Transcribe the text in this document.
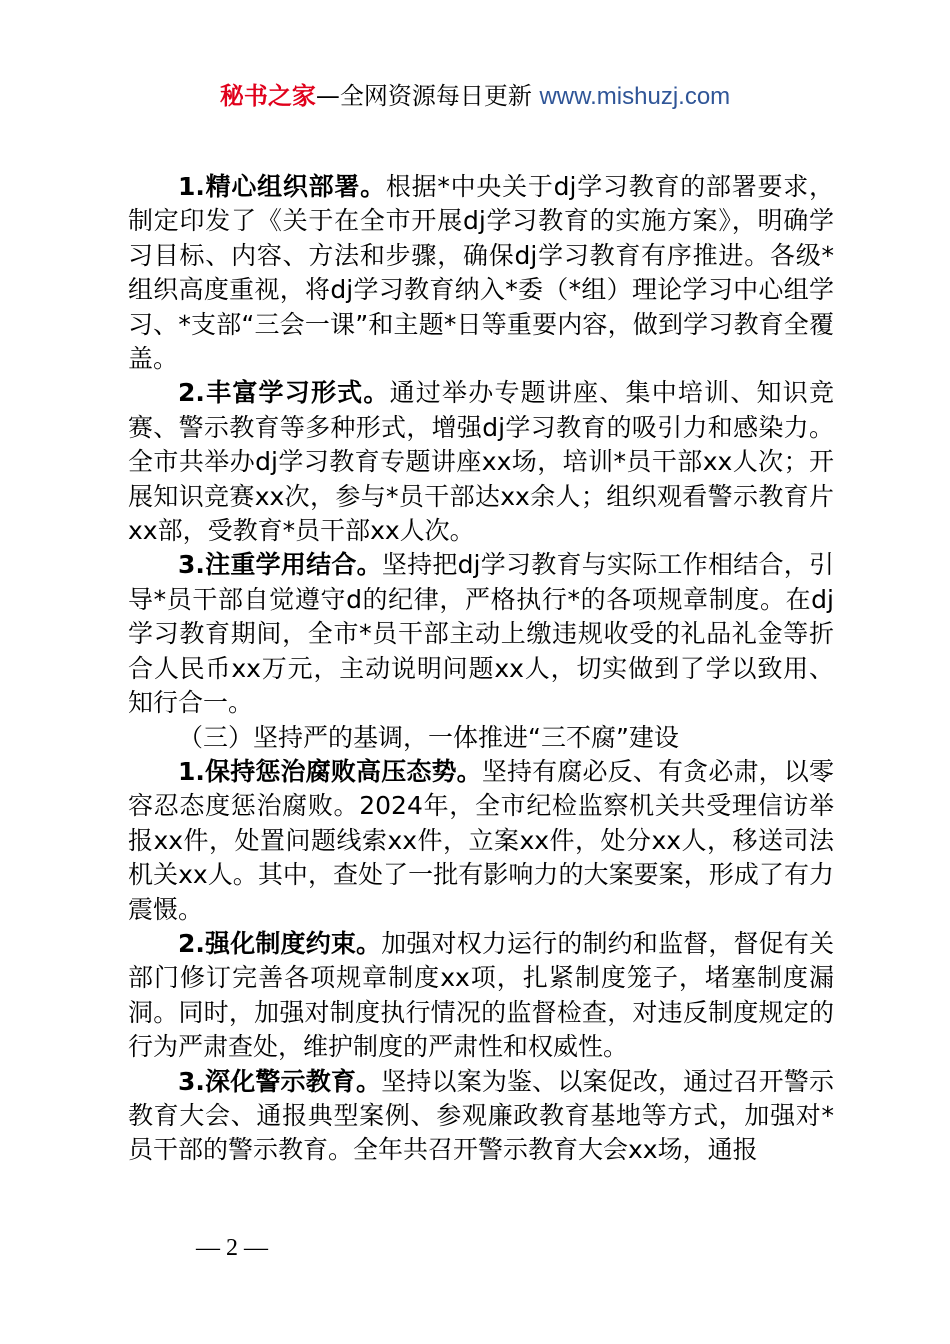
秘书之家—全网资源每日更新 www.mishuzj.com

1.精心组织部署。根据*中央关于dj学习教育的部署要求，制定印发了《关于在全市开展dj学习教育的实施方案》，明确学习目标、内容、方法和步骤，确保dj学习教育有序推进。各级*组织高度重视，将dj学习教育纳入*委（*组）理论学习中心组学习、*支部“三会一课”和主题*日等重要内容，做到学习教育全覆盖。

2.丰富学习形式。通过举办专题讲座、集中培训、知识竞赛、警示教育等多种形式，增强dj学习教育的吸引力和感染力。全市共举办dj学习教育专题讲座xx场，培训*员干部xx人次；开展知识竞赛xx次，参与*员干部达xx余人；组织观看警示教育片xx部，受教育*员干部xx人次。

3.注重学用结合。坚持把dj学习教育与实际工作相结合，引导*员干部自觉遵守d的纪律，严格执行*的各项规章制度。在dj学习教育期间，全市*员干部主动上缴违规收受的礼品礼金等折合人民币xx万元，主动说明问题xx人，切实做到了学以致用、知行合一。

（三）坚持严的基调，一体推进“三不腐”建设

1.保持惩治腐败高压态势。坚持有腐必反、有贪必肃，以零容忍态度惩治腐败。2024年，全市纪检监察机关共受理信访举报xx件，处置问题线索xx件，立案xx件，处分xx人，移送司法机关xx人。其中，查处了一批有影响力的大案要案，形成了有力震慑。

2.强化制度约束。加强对权力运行的制约和监督，督促有关部门修订完善各项规章制度xx项，扎紧制度笼子，堵塞制度漏洞。同时，加强对制度执行情况的监督检查，对违反制度规定的行为严肃查处，维护制度的严肃性和权威性。

3.深化警示教育。坚持以案为鉴、以案促改，通过召开警示教育大会、通报典型案例、参观廉政教育基地等方式，加强对*员干部的警示教育。全年共召开警示教育大会xx场，通报

— 2 —
